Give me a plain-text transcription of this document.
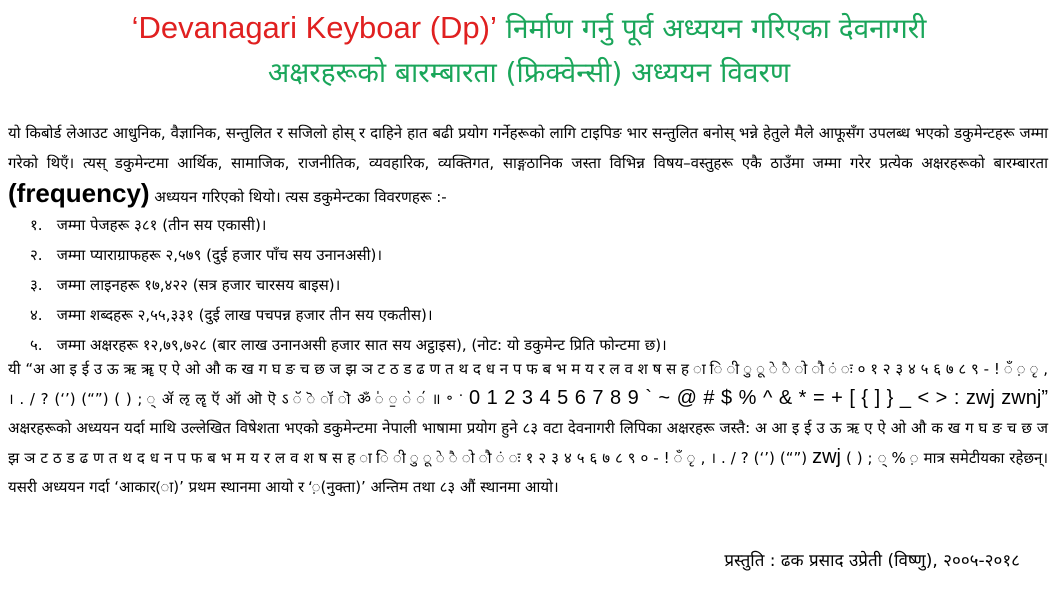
‘Devanagari Keyboar (Dp)’ निर्माण गर्नु पूर्व अध्ययन गरिएका देवनागरी
अक्षरहरूको बारम्बारता (फ्रिक्वेन्सी) अध्ययन विवरण
यो किबोर्ड लेआउट आधुनिक, वैज्ञानिक, सन्तुलित र सजिलो होस् र दाहिने हात बढी प्रयोग गर्नेहरूको लागि टाइपिङ भार सन्तुलित बनोस् भन्ने हेतुले मैले आफूसँग उपलब्ध भएको डकुमेन्टहरू जम्मा गरेको थिएँ। त्यस् डकुमेन्टमा आर्थिक, सामाजिक, राजनीतिक, व्यवहारिक, व्यक्तिगत, साङ्गठानिक जस्ता विभिन्न विषय–वस्तुहरू एकै ठाउँमा जम्मा गरेर प्रत्येक अक्षरहरूको बारम्बारता (frequency) अध्ययन गरिएको थियो। त्यस डकुमेन्टका विवरणहरू :-
१. जम्मा पेजहरू ३८१ (तीन सय एकासी)।
२. जम्मा प्याराग्राफहरू २,५७९ (दुई हजार पाँच सय उनानअसी)।
३. जम्मा लाइनहरू १७,४२२ (सत्र हजार चारसय बाइस)।
४. जम्मा शब्दहरू २,५५,३३१ (दुई लाख पचपन्न हजार तीन सय एकतीस)।
५. जम्मा अक्षरहरू १२,७९,७२८ (बार लाख उनानअसी हजार सात सय अट्ठाइस), (नोट: यो डकुमेन्ट प्रिति फोन्टमा छ)।
यी “अ आ इ ई उ ऊ ऋ ॠ ए ऐ ओ औ क ख ग घ ङ च छ ज झ ञ ट ठ ड ढ ण त थ द ध न प फ ब भ म य र ल व श ष स ह ा ि ी ु ू े ै ो ौ ं ः ० १ २ ३ ४ ५ ६ ७ ८ ९ - ! ँ ़ ृ , । . / ? (‘’) (“”) ( ) ; ् ॲ ऌ ॡ ऍ ऑ ऒ ऎ ऽ ॅ ॆ ॉ ॊ ॐ ॑ ॒ ॓ ॔ ॥ ॰ ॱ 0 1 2 3 4 5 6 7 8 9 ` ~ @ # $ % ^ & * = + [ { ] } _ < > : zwj zwnj” अक्षरहरूको अध्ययन यर्दा माथि उल्लेखित विषेशता भएको डकुमेन्टमा नेपाली भाषामा प्रयोग हुने ८३ वटा देवनागरी लिपिका अक्षरहरू जस्तै: अ आ इ ई उ ऊ ऋ ए ऐ ओ औ क ख ग घ ङ च छ ज झ ञ ट ठ ड ढ ण त थ द ध न प फ ब भ म य र ल व श ष स ह ा ि ी ु ू े ै ो ौ ं ः १ २ ३ ४ ५ ६ ७ ८ ९ ० - ! ँ ृ , । . / ? (‘’) (“”) zwj ( ) ; ् % ़ मात्र समेटीयका रहेछन्। यसरी अध्ययन गर्दा ‘आकार(ा)’ प्रथम स्थानमा आयो र ‘़(नुक्ता)’ अन्तिम तथा ८३ औं स्थानमा आयो।
प्रस्तुति : ढक प्रसाद उप्रेती (विष्णु), २००५-२०१८
